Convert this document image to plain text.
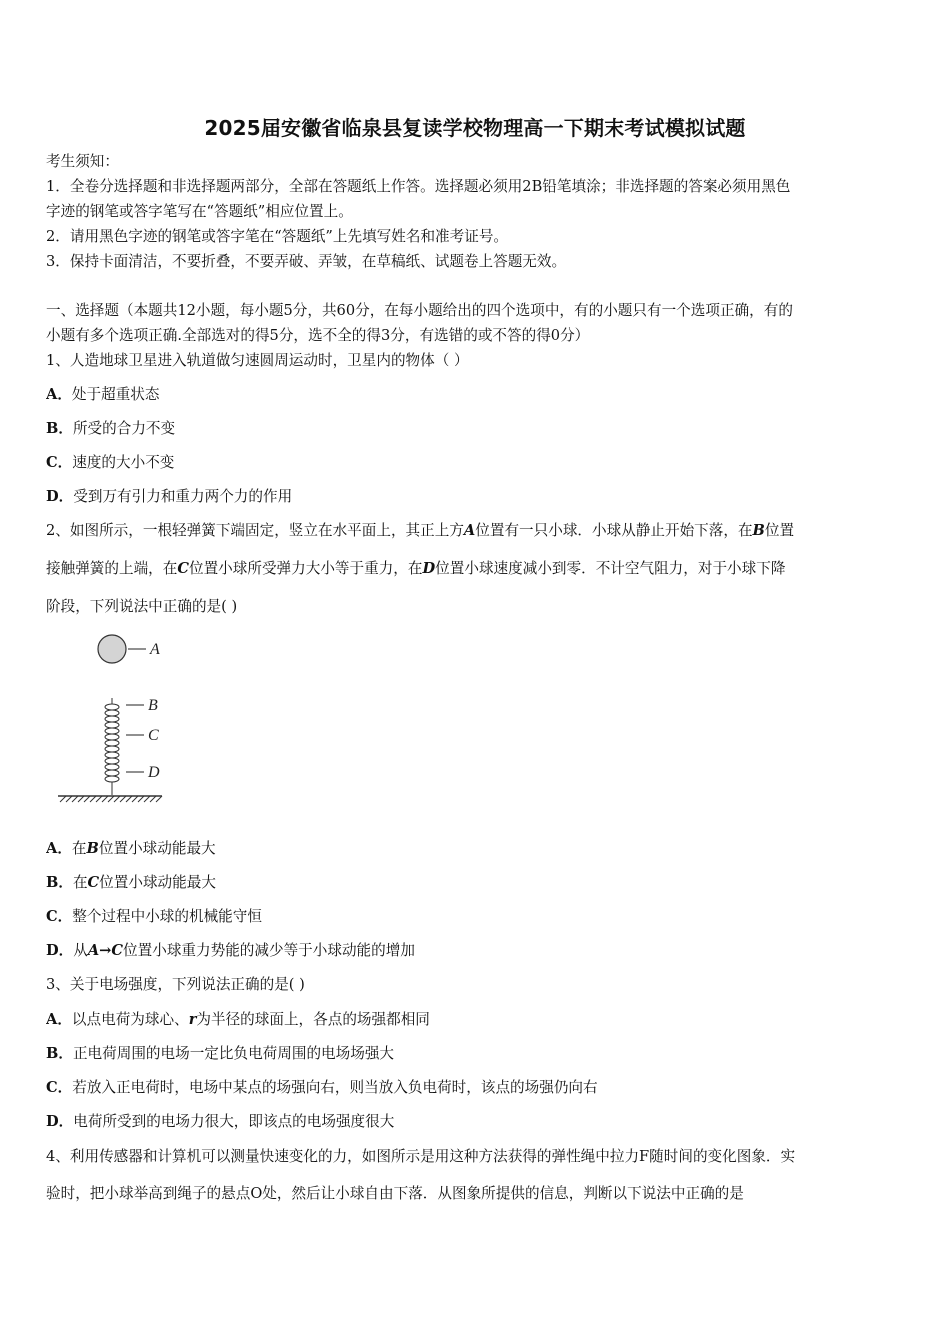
2025届安徽省临泉县复读学校物理高一下期末考试模拟试题
考生须知：
1．全卷分选择题和非选择题两部分，全部在答题纸上作答。选择题必须用2B铅笔填涂；非选择题的答案必须用黑色
字迹的钢笔或答字笔写在“答题纸”相应位置上。
2．请用黑色字迹的钢笔或答字笔在“答题纸”上先填写姓名和准考证号。
3．保持卡面清洁，不要折叠，不要弄破、弄皱，在草稿纸、试题卷上答题无效。
一、选择题（本题共12小题，每小题5分，共60分，在每小题给出的四个选项中，有的小题只有一个选项正确，有的
小题有多个选项正确.全部选对的得5分，选不全的得3分，有选错的或不答的得0分）
1、人造地球卫星进入轨道做匀速圆周运动时，卫星内的物体（ ）
A．处于超重状态
B．所受的合力不变
C．速度的大小不变
D．受到万有引力和重力两个力的作用
2、如图所示，一根轻弹簧下端固定，竖立在水平面上，其正上方A位置有一只小球．小球从静止开始下落，在B位置
接触弹簧的上端，在C位置小球所受弹力大小等于重力，在D位置小球速度减小到零．不计空气阻力，对于小球下降
阶段，下列说法中正确的是( )
A
B
C
D
A．在B位置小球动能最大
B．在C位置小球动能最大
C．整个过程中小球的机械能守恒
D．从A→C位置小球重力势能的减少等于小球动能的增加
3、关于电场强度，下列说法正确的是( )
A．以点电荷为球心、r为半径的球面上，各点的场强都相同
B．正电荷周围的电场一定比负电荷周围的电场场强大
C．若放入正电荷时，电场中某点的场强向右，则当放入负电荷时，该点的场强仍向右
D．电荷所受到的电场力很大，即该点的电场强度很大
4、利用传感器和计算机可以测量快速变化的力，如图所示是用这种方法获得的弹性绳中拉力F随时间的变化图象．实
验时，把小球举高到绳子的悬点O处，然后让小球自由下落．从图象所提供的信息，判断以下说法中正确的是
